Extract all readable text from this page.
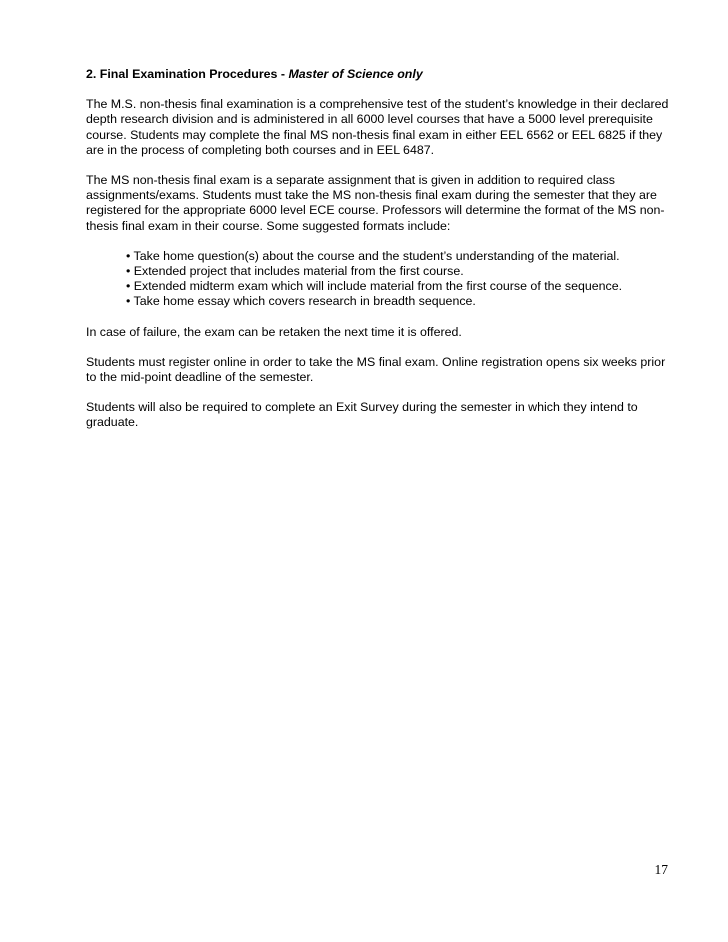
2. Final Examination Procedures - Master of Science only

The M.S. non-thesis final examination is a comprehensive test of the student’s knowledge in their declared depth research division and is administered in all 6000 level courses that have a 5000 level prerequisite course. Students may complete the final MS non-thesis final exam in either EEL 6562 or EEL 6825 if they are in the process of completing both courses and in EEL 6487.

The MS non-thesis final exam is a separate assignment that is given in addition to required class assignments/exams. Students must take the MS non-thesis final exam during the semester that they are registered for the appropriate 6000 level ECE course. Professors will determine the format of the MS non-thesis final exam in their course. Some suggested formats include:

• Take home question(s) about the course and the student’s understanding of the material.
• Extended project that includes material from the first course.
• Extended midterm exam which will include material from the first course of the sequence.
• Take home essay which covers research in breadth sequence.

In case of failure, the exam can be retaken the next time it is offered.

Students must register online in order to take the MS final exam. Online registration opens six weeks prior to the mid-point deadline of the semester.

Students will also be required to complete an Exit Survey during the semester in which they intend to graduate.

17
